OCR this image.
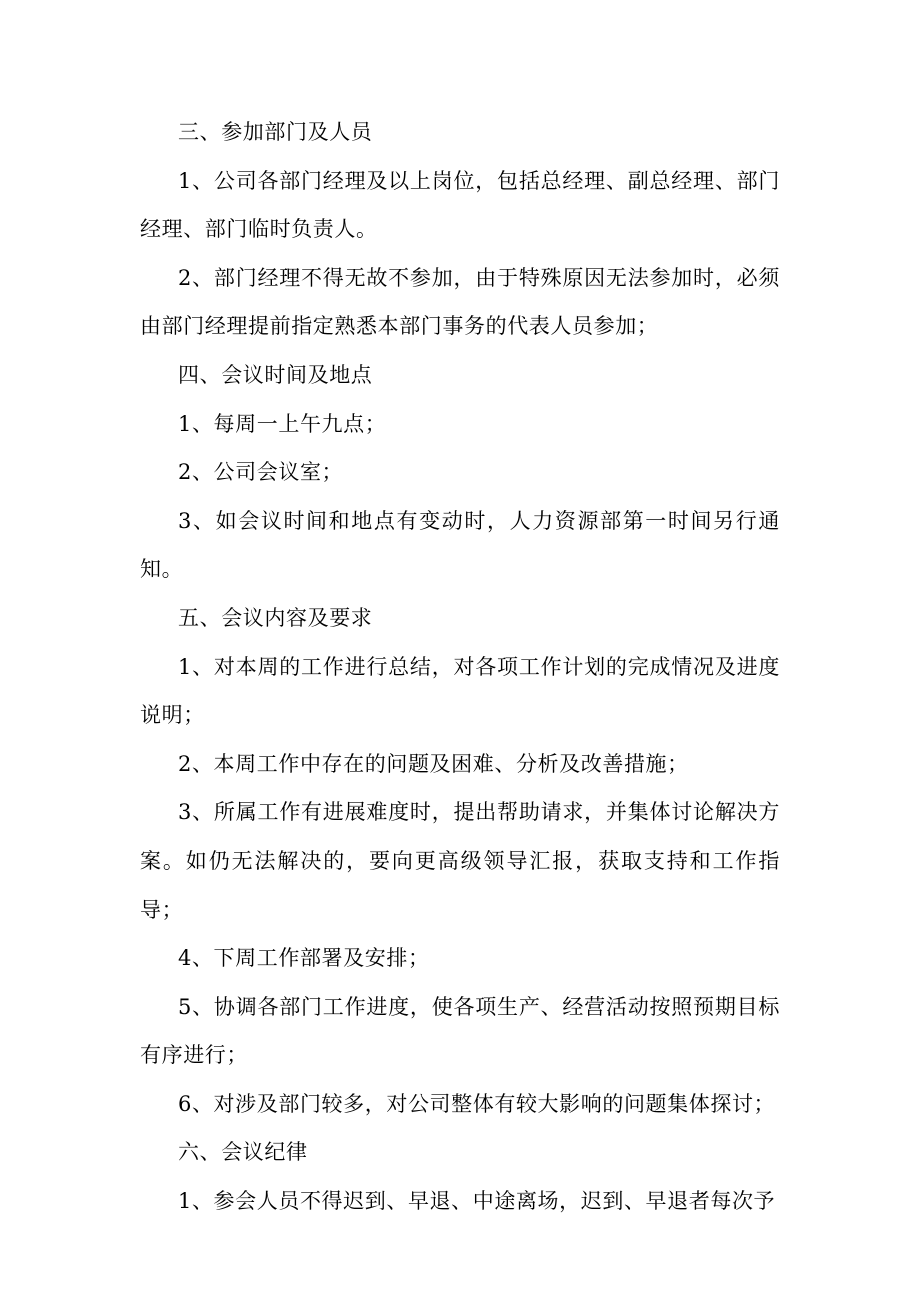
三、参加部门及人员

1、公司各部门经理及以上岗位，包括总经理、副总经理、部门经理、部门临时负责人。

2、部门经理不得无故不参加，由于特殊原因无法参加时，必须由部门经理提前指定熟悉本部门事务的代表人员参加；

四、会议时间及地点

1、每周一上午九点；

2、公司会议室；

3、如会议时间和地点有变动时，人力资源部第一时间另行通知。

五、会议内容及要求

1、对本周的工作进行总结，对各项工作计划的完成情况及进度说明；

2、本周工作中存在的问题及困难、分析及改善措施；

3、所属工作有进展难度时，提出帮助请求，并集体讨论解决方案。如仍无法解决的，要向更高级领导汇报，获取支持和工作指导；

4、下周工作部署及安排；

5、协调各部门工作进度，使各项生产、经营活动按照预期目标有序进行；

6、对涉及部门较多，对公司整体有较大影响的问题集体探讨；

六、会议纪律

1、参会人员不得迟到、早退、中途离场，迟到、早退者每次予
